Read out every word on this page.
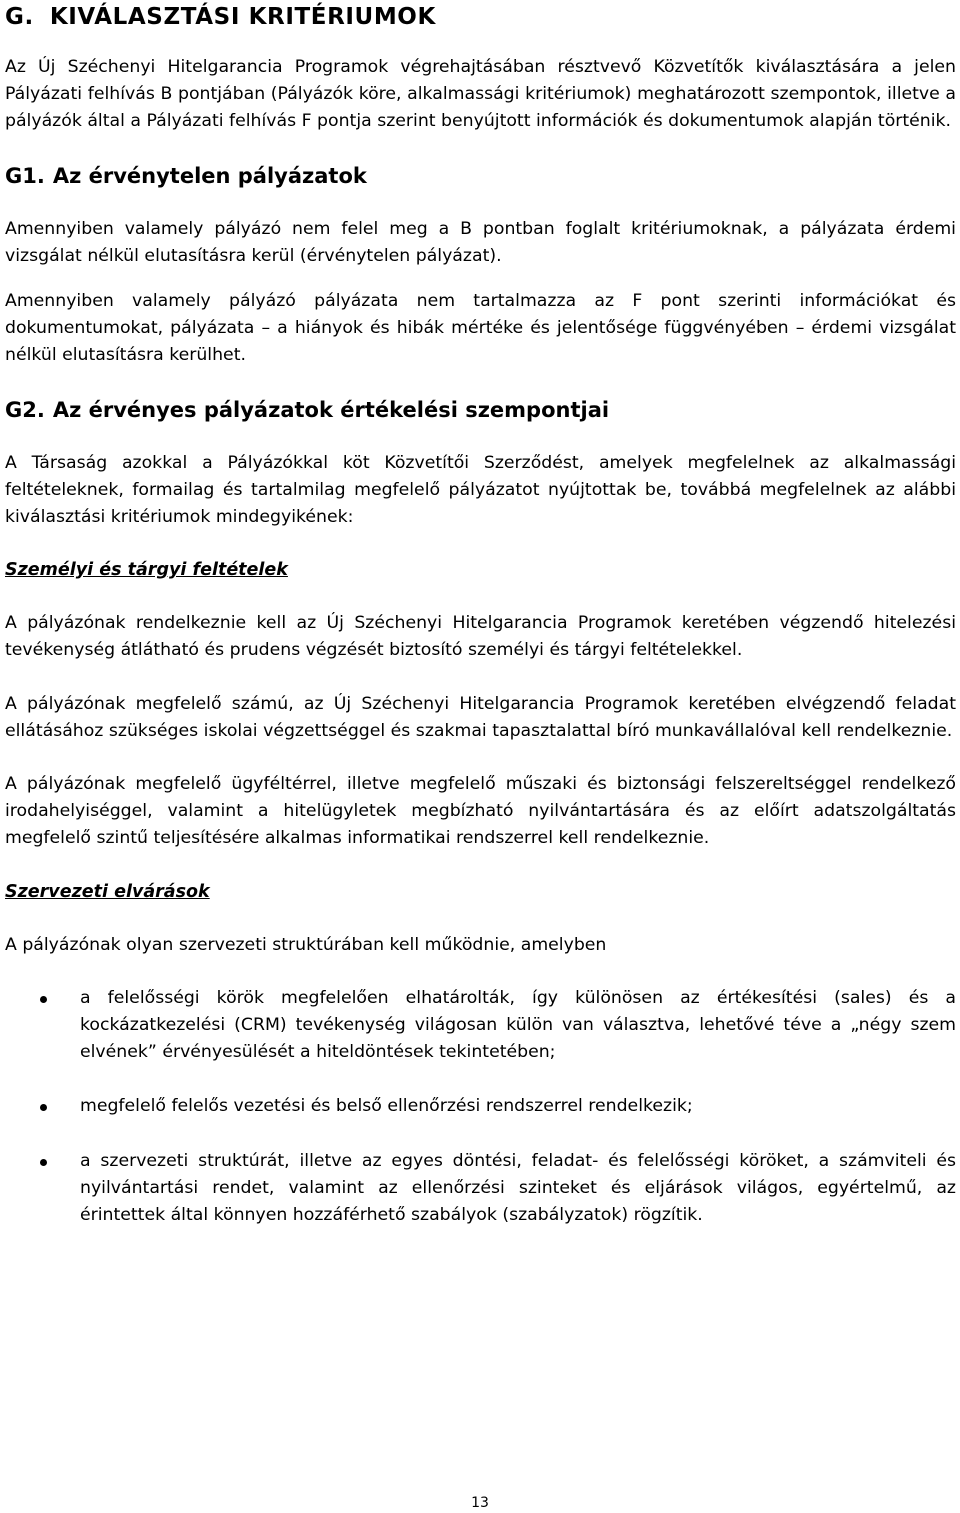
G. KIVÁLASZTÁSI KRITÉRIUMOK

Az Új Széchenyi Hitelgarancia Programok végrehajtásában résztvevő Közvetítők kiválasztására a jelen Pályázati felhívás B pontjában (Pályázók köre, alkalmassági kritériumok) meghatározott szempontok, illetve a pályázók által a Pályázati felhívás F pontja szerint benyújtott információk és dokumentumok alapján történik.

G1. Az érvénytelen pályázatok

Amennyiben valamely pályázó nem felel meg a B pontban foglalt kritériumoknak, a pályázata érdemi vizsgálat nélkül elutasításra kerül (érvénytelen pályázat).

Amennyiben valamely pályázó pályázata nem tartalmazza az F pont szerinti információkat és dokumentumokat, pályázata – a hiányok és hibák mértéke és jelentősége függvényében – érdemi vizsgálat nélkül elutasításra kerülhet.

G2. Az érvényes pályázatok értékelési szempontjai

A Társaság azokkal a Pályázókkal köt Közvetítői Szerződést, amelyek megfelelnek az alkalmassági feltételeknek, formailag és tartalmilag megfelelő pályázatot nyújtottak be, továbbá megfelelnek az alábbi kiválasztási kritériumok mindegyikének:

Személyi és tárgyi feltételek

A pályázónak rendelkeznie kell az Új Széchenyi Hitelgarancia Programok keretében végzendő hitelezési tevékenység átlátható és prudens végzését biztosító személyi és tárgyi feltételekkel.

A pályázónak megfelelő számú, az Új Széchenyi Hitelgarancia Programok keretében elvégzendő feladat ellátásához szükséges iskolai végzettséggel és szakmai tapasztalattal bíró munkavállalóval kell rendelkeznie.

A pályázónak megfelelő ügyféltérrel, illetve megfelelő műszaki és biztonsági felszereltséggel rendelkező irodahelyiséggel, valamint a hitelügyletek megbízható nyilvántartására és az előírt adatszolgáltatás megfelelő szintű teljesítésére alkalmas informatikai rendszerrel kell rendelkeznie.

Szervezeti elvárások

A pályázónak olyan szervezeti struktúrában kell működnie, amelyben

a felelősségi körök megfelelően elhatárolták, így különösen az értékesítési (sales) és a kockázatkezelési (CRM) tevékenység világosan külön van választva, lehetővé téve a „négy szem elvének” érvényesülését a hiteldöntések tekintetében;
megfelelő felelős vezetési és belső ellenőrzési rendszerrel rendelkezik;
a szervezeti struktúrát, illetve az egyes döntési, feladat- és felelősségi köröket, a számviteli és nyilvántartási rendet, valamint az ellenőrzési szinteket és eljárások világos, egyértelmű, az érintettek által könnyen hozzáférhető szabályok (szabályzatok) rögzítik.
13
